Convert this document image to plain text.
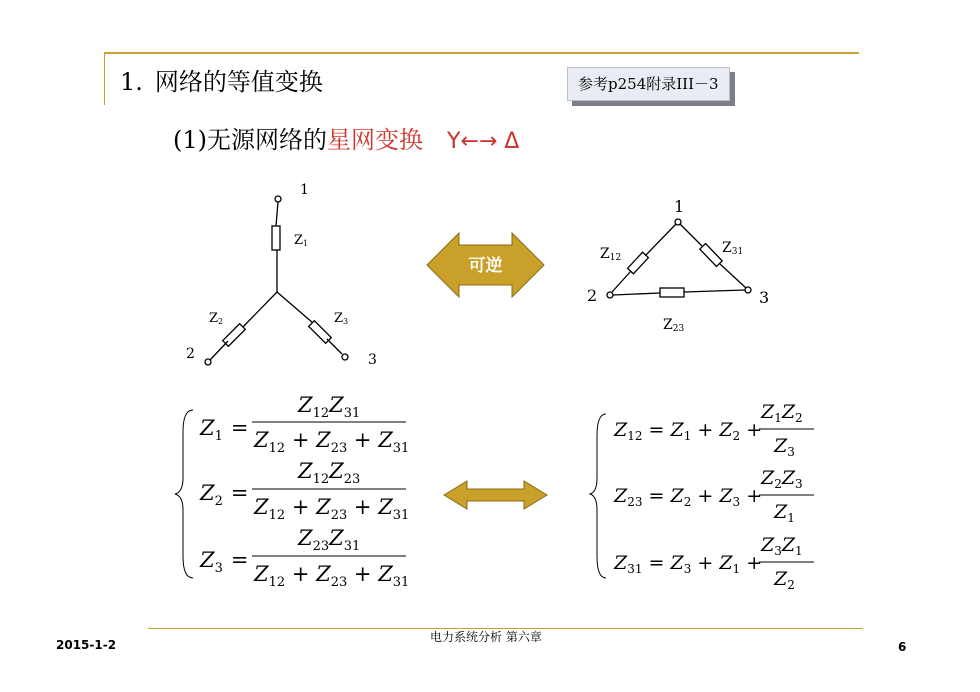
1. 网络的等值变换	参考p254附录III－3
(1)无源网络的星网变换 Y←→ Δ
1
2	3
Z1
Z2	Z3
可逆
1
2	3
Z12
Z31
Z23
$Z_1$ =
$Z_{12}Z_{31}$
$Z_{12} + Z_{23} + Z_{31}$
$Z_2$ =
$Z_{12}Z_{23}$
$Z_{12} + Z_{23} + Z_{31}$
$Z_3$ =
$Z_{23}Z_{31}$
$Z_{12} + Z_{23} + Z_{31}$
$Z_{12} = Z_1 + Z_2$ +
$Z_1Z_2$
$Z_3$
$Z_{23} = Z_2 + Z_3$ +
$Z_2Z_3$
$Z_1$
$Z_{31} = Z_3 + Z_1$ +
$Z_3Z_1$
$Z_2$
2015-1-2
电力系统分析 第六章
6
